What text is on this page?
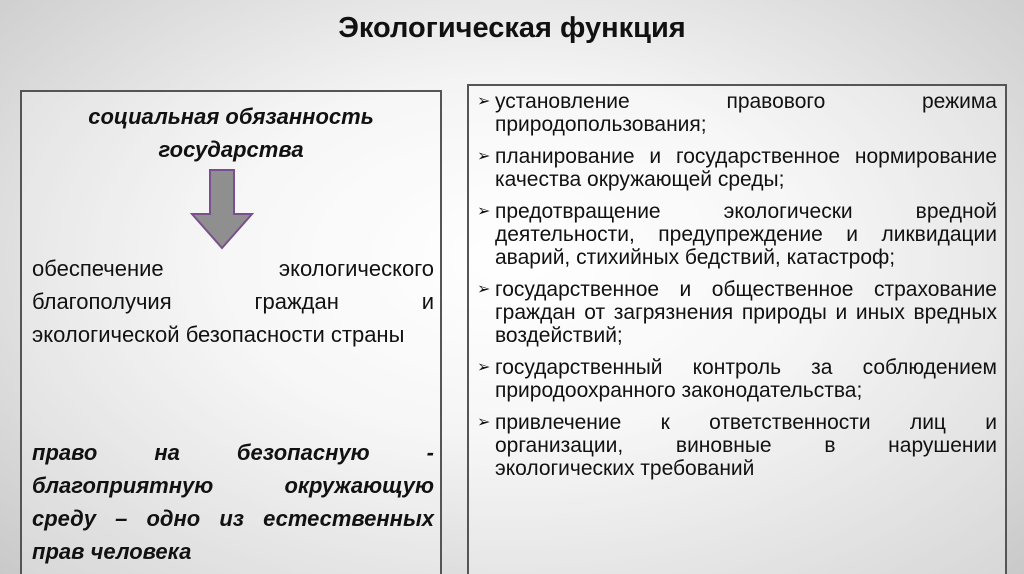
Экологическая функция
социальная обязанность государства
обеспечение экологического благополучия граждан и экологической безопасности страны
право на безопасную - благоприятную окружающую среду – одно из естественных прав человека
➢ установление правового режима природопользования;
➢ планирование и государственное нормирование качества окружающей среды;
➢ предотвращение экологически вредной деятельности, предупреждение и ликвидации аварий, стихийных бедствий, катастроф;
➢ государственное и общественное страхование граждан от загрязнения природы и иных вредных воздействий;
➢ государственный контроль за соблюдением природоохранного законодательства;
➢ привлечение к ответственности лиц и организации, виновные в нарушении экологических требований
